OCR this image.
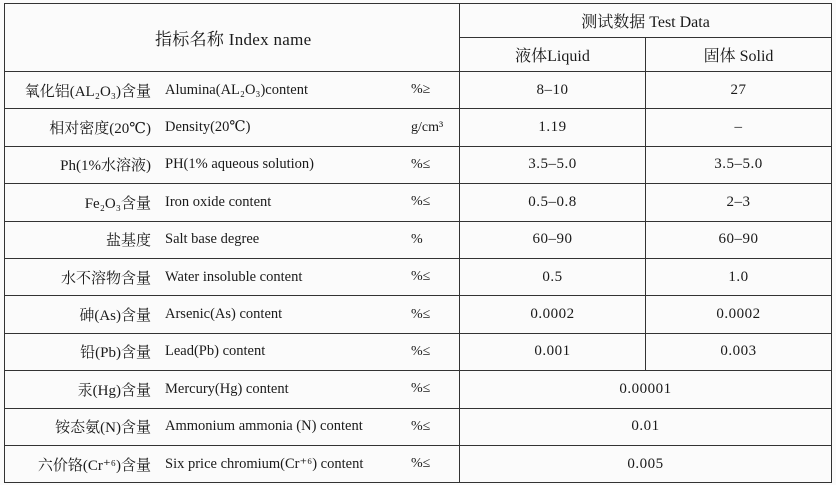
指标名称 Index name	测试数据 Test Data	
	液体Liquid	固体 Solid

氧化铝(AL₂O₃)含量 Alumina(AL₂O₃)content %≥	8–10	27

相对密度(20℃) Density(20℃) g/cm³	1.19	–

Ph(1%水溶液) PH(1% aqueous solution) %≤	3.5–5.0	3.5–5.0

Fe₂O₃含量 Iron oxide content %≤	0.5–0.8	2–3

盐基度 Salt base degree %	60–90	60–90

水不溶物含量 Water insoluble content %≤	0.5	1.0

砷(As)含量 Arsenic(As) content %≤	0.0002	0.0002

铅(Pb)含量 Lead(Pb) content %≤	0.001	0.003

汞(Hg)含量 Mercury(Hg) content %≤	0.00001	

铵态氨(N)含量 Ammonium ammonia (N) content %≤	0.01	

六价铬(Cr⁺⁶)含量 Six price chromium(Cr⁺⁶) content %≤	0.005	
